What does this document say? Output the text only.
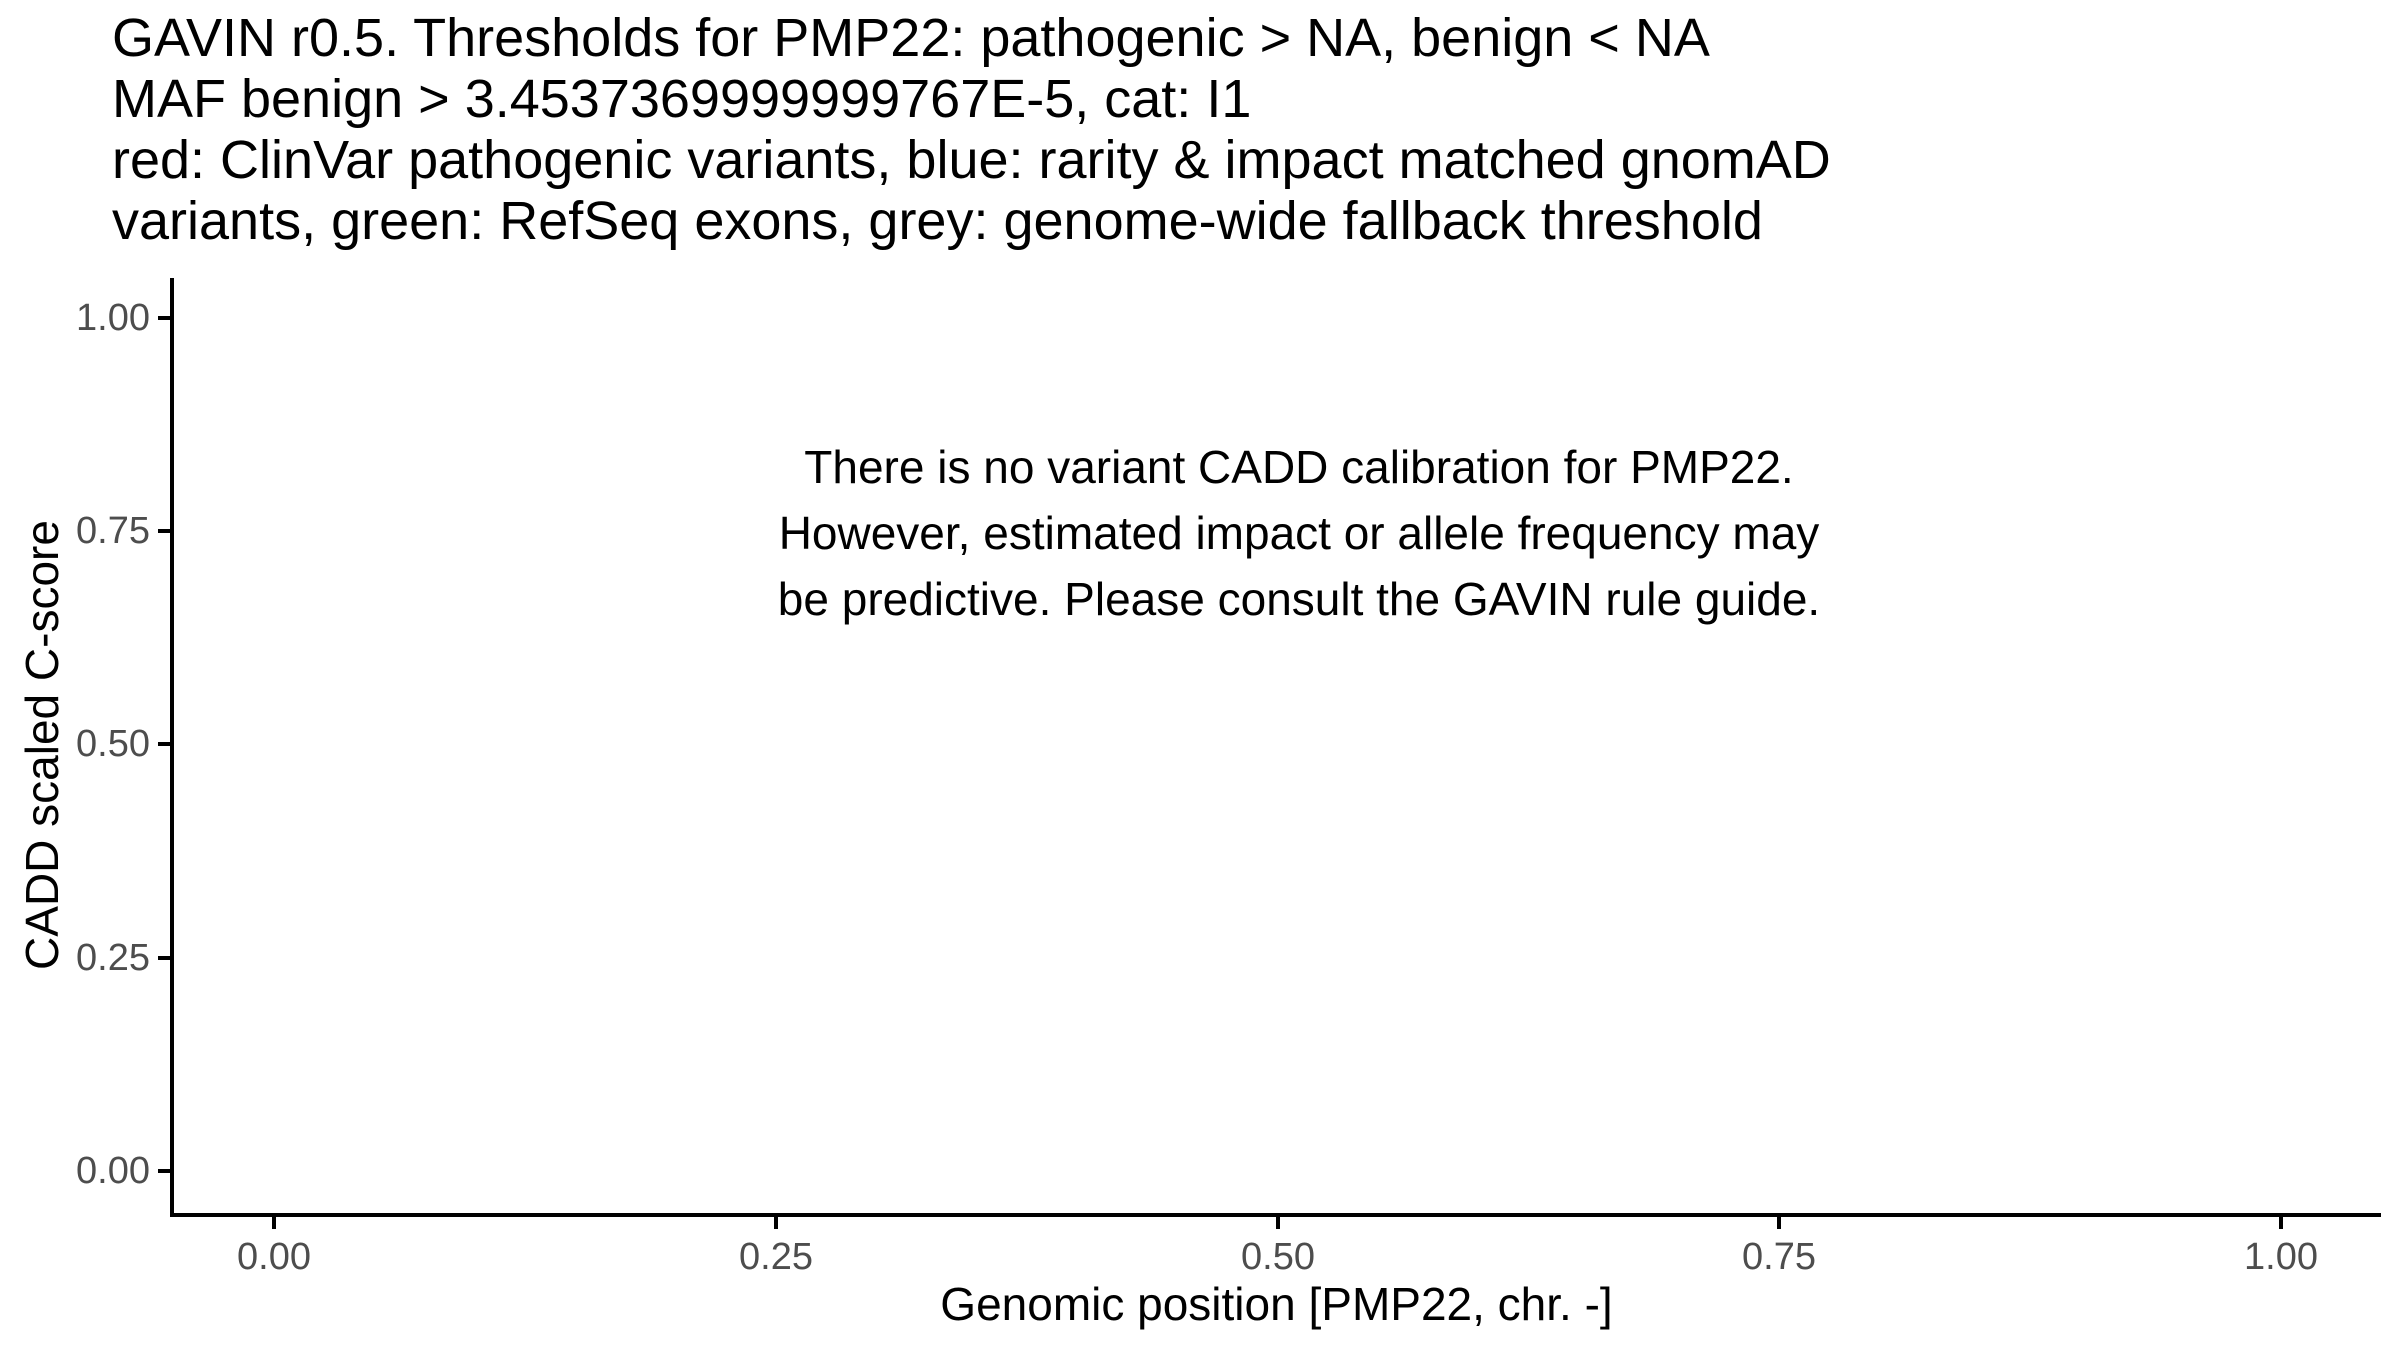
GAVIN r0.5. Thresholds for PMP22: pathogenic > NA, benign < NA
MAF benign > 3.4537369999999767E-5, cat: I1
red: ClinVar pathogenic variants, blue: rarity & impact matched gnomAD
variants, green: RefSeq exons, grey: genome-wide fallback threshold
1.00
0.75
0.50
0.25
0.00
0.00	0.25	0.50	0.75	1.00
There is no variant CADD calibration for PMP22.
However, estimated impact or allele frequency may
be predictive. Please consult the GAVIN rule guide.
Genomic position [PMP22, chr. -]
CADD scaled C-score
